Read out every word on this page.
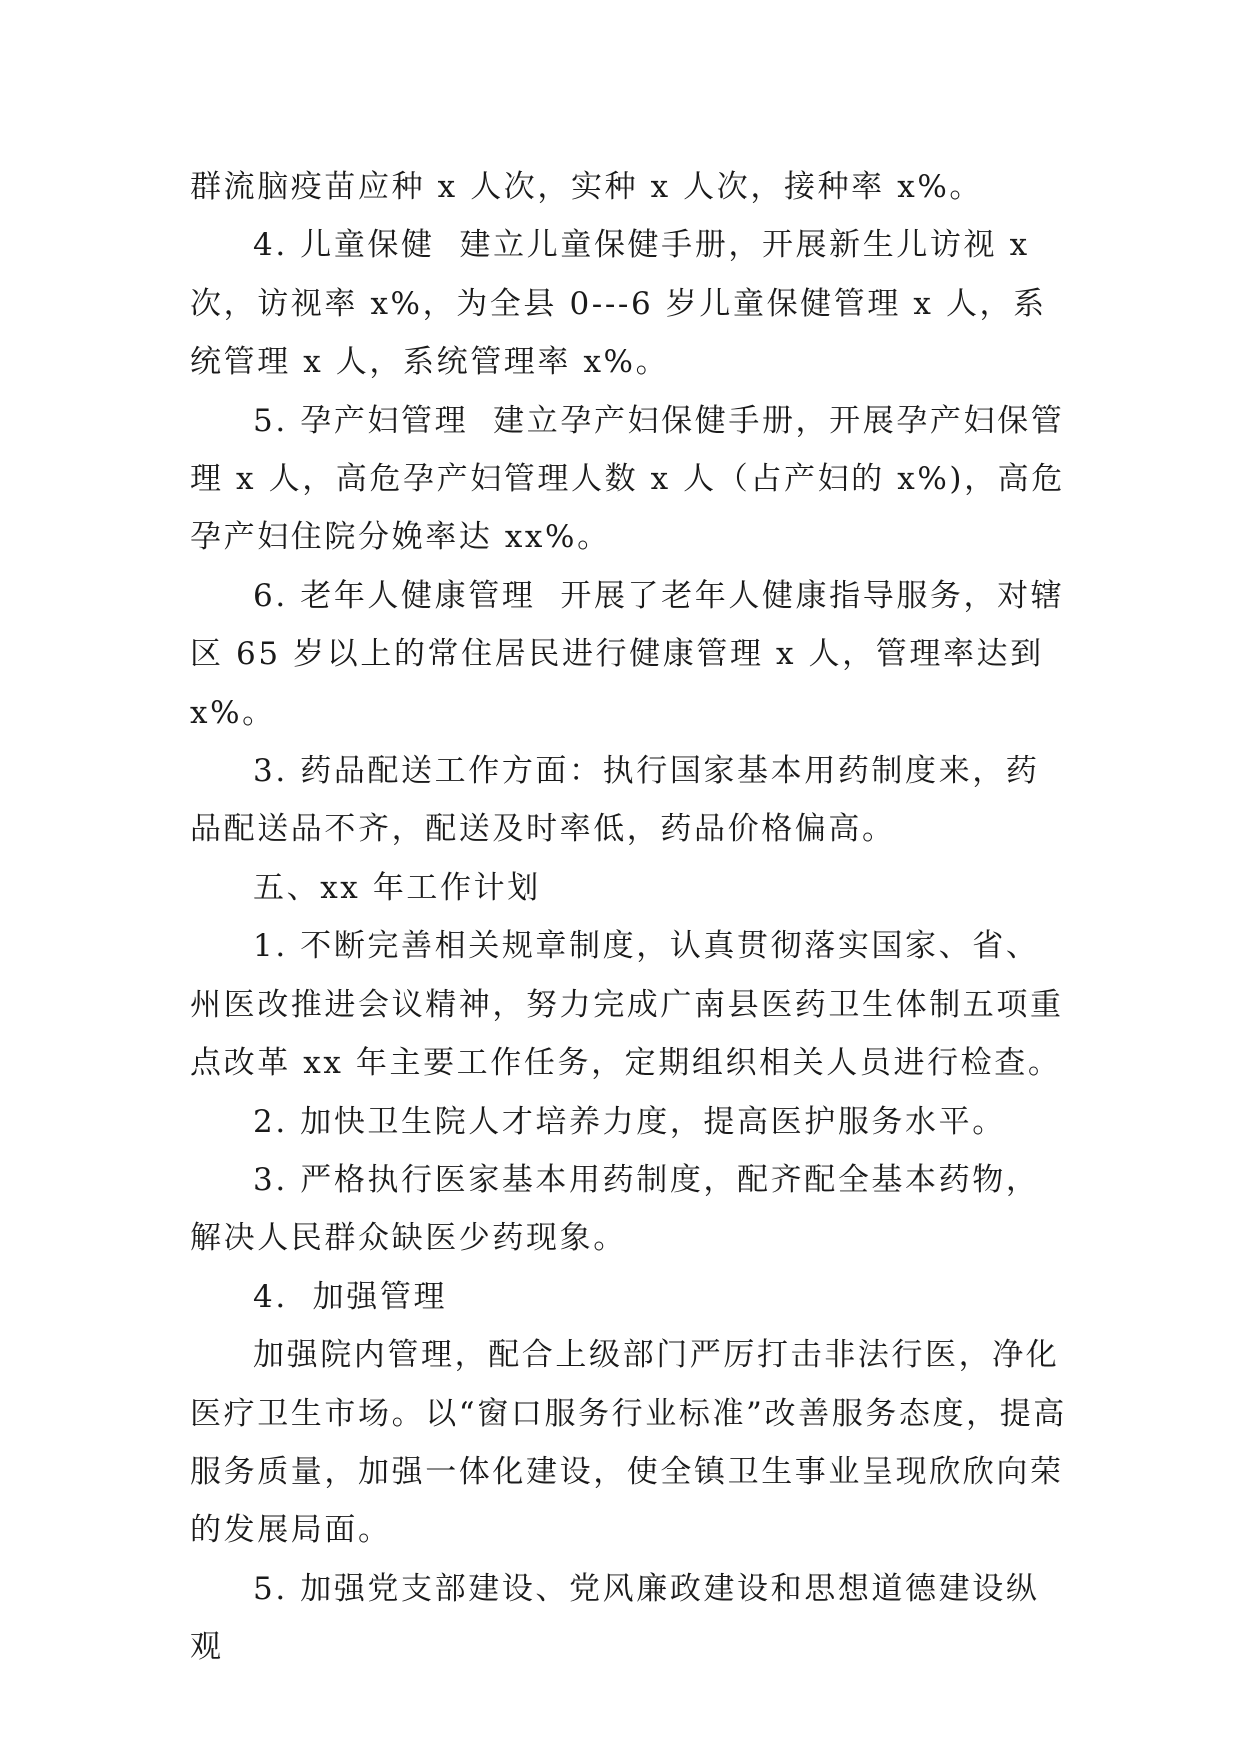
群流脑疫苗应种 x 人次，实种 x 人次，接种率 x%。

4. 儿童保健  建立儿童保健手册，开展新生儿访视 x 次，访视率 x%，为全县 0---6 岁儿童保健管理 x 人，系统管理 x 人，系统管理率 x%。

5. 孕产妇管理  建立孕产妇保健手册，开展孕产妇保管理 x 人，高危孕产妇管理人数 x 人（占产妇的 x%)，高危孕产妇住院分娩率达 xx%。

6. 老年人健康管理  开展了老年人健康指导服务，对辖区 65 岁以上的常住居民进行健康管理 x 人，管理率达到 x%。

3. 药品配送工作方面：执行国家基本用药制度来，药品配送品不齐，配送及时率低，药品价格偏高。

五、xx 年工作计划

1. 不断完善相关规章制度，认真贯彻落实国家、省、州医改推进会议精神，努力完成广南县医药卫生体制五项重点改革 xx 年主要工作任务，定期组织相关人员进行检查。

2. 加快卫生院人才培养力度，提高医护服务水平。

3. 严格执行医家基本用药制度，配齐配全基本药物，解决人民群众缺医少药现象。

4.  加强管理

加强院内管理，配合上级部门严厉打击非法行医，净化医疗卫生市场。以“窗口服务行业标准”改善服务态度，提高服务质量，加强一体化建设，使全镇卫生事业呈现欣欣向荣的发展局面。

5. 加强党支部建设、党风廉政建设和思想道德建设纵观
